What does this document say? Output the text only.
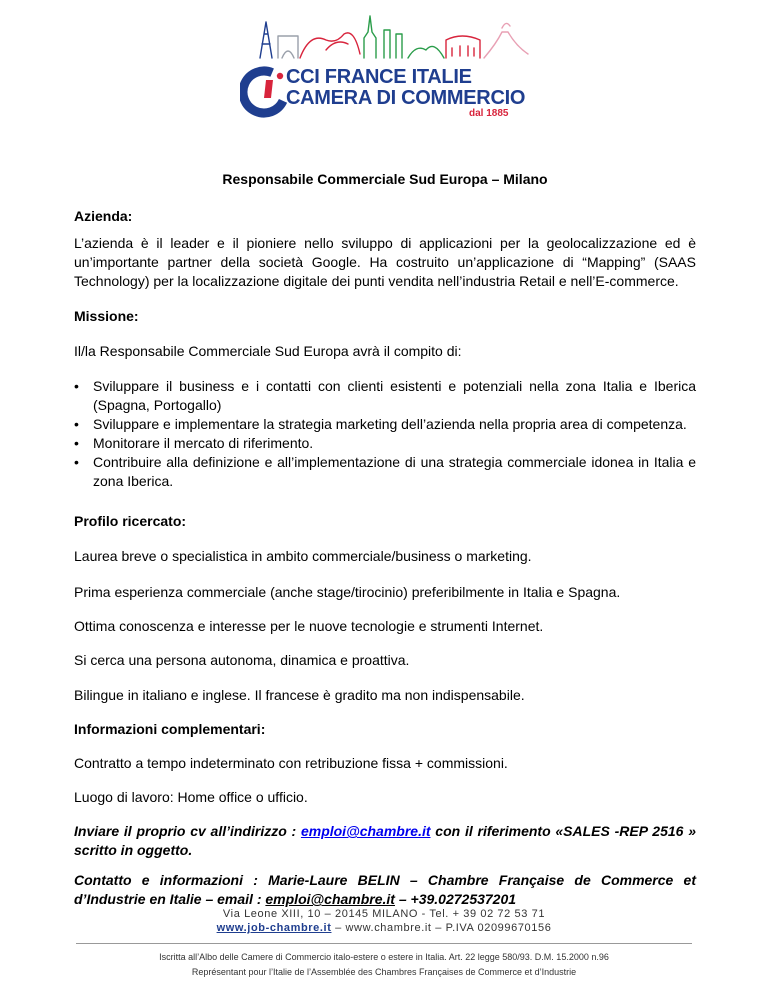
CCI FRANCE ITALIE
CAMERA DI COMMERCIO
dal 1885

Responsabile Commerciale Sud Europa – Milano

Azienda:

L’azienda è il leader e il pioniere nello sviluppo di applicazioni per la geolocalizzazione ed è un’importante partner della società Google. Ha costruito un’applicazione di “Mapping” (SAAS Technology) per la localizzazione digitale dei punti vendita nell’industria Retail e nell’E-commerce.

Missione:

Il/la Responsabile Commerciale Sud Europa avrà il compito di:

• Sviluppare il business e i contatti con clienti esistenti e potenziali nella zona Italia e Iberica (Spagna, Portogallo)
• Sviluppare e implementare la strategia marketing dell’azienda nella propria area di competenza.
• Monitorare il mercato di riferimento.
• Contribuire alla definizione e all’implementazione di una strategia commerciale idonea in Italia e zona Iberica.

Profilo ricercato:

Laurea breve o specialistica in ambito commerciale/business o marketing.

Prima esperienza commerciale (anche stage/tirocinio) preferibilmente in Italia e Spagna.

Ottima conoscenza e interesse per le nuove tecnologie e strumenti Internet.

Si cerca una persona autonoma, dinamica e proattiva.

Bilingue in italiano e inglese. Il francese è gradito ma non indispensabile.

Informazioni complementari:

Contratto a tempo indeterminato con retribuzione fissa + commissioni.

Luogo di lavoro: Home office o ufficio.

Inviare il proprio cv all’indirizzo : emploi@chambre.it con il riferimento «SALES -REP 2516 » scritto in oggetto.

Contatto e informazioni : Marie-Laure BELIN – Chambre Française de Commerce et d’Industrie en Italie – email : emploi@chambre.it – +39.0272537201

Via Leone XIII, 10 – 20145 MILANO - Tel. + 39 02 72 53 71
www.job-chambre.it – www.chambre.it – P.IVA 02099670156
Iscritta all’Albo delle Camere di Commercio italo-estere o estere in Italia. Art. 22 legge 580/93. D.M. 15.2000 n.96
Représentant pour l’Italie de l’Assemblée des Chambres Françaises de Commerce et d’Industrie
